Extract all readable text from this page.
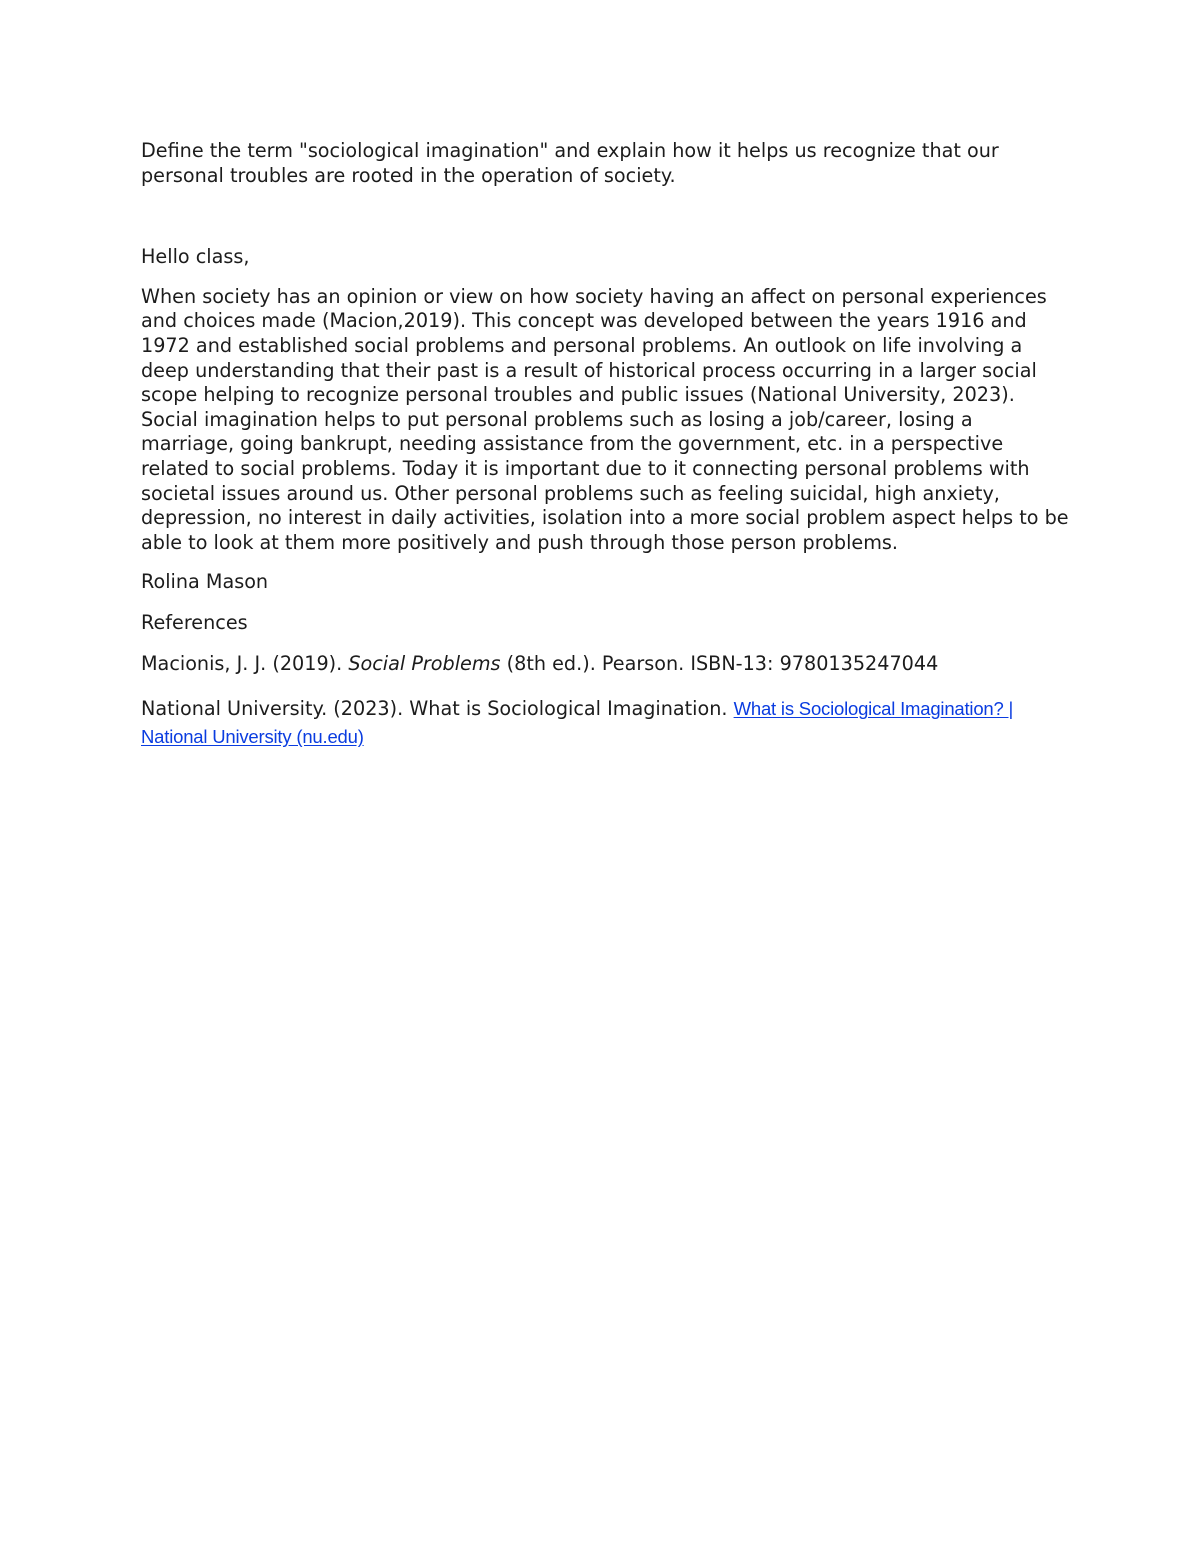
Define the term "sociological imagination" and explain how it helps us recognize that our personal troubles are rooted in the operation of society.

Hello class,

When society has an opinion or view on how society having an affect on personal experiences and choices made (Macion,2019). This concept was developed between the years 1916 and 1972 and established social problems and personal problems. An outlook on life involving a deep understanding that their past is a result of historical process occurring in a larger social scope helping to recognize personal troubles and public issues (National University, 2023). Social imagination helps to put personal problems such as losing a job/career, losing a marriage, going bankrupt, needing assistance from the government, etc. in a perspective related to social problems. Today it is important due to it connecting personal problems with societal issues around us. Other personal problems such as feeling suicidal, high anxiety, depression, no interest in daily activities, isolation into a more social problem aspect helps to be able to look at them more positively and push through those person problems.

Rolina Mason

References

Macionis, J. J. (2019). Social Problems (8th ed.). Pearson. ISBN-13: 9780135247044

National University. (2023). What is Sociological Imagination. What is Sociological Imagination? | National University (nu.edu)
